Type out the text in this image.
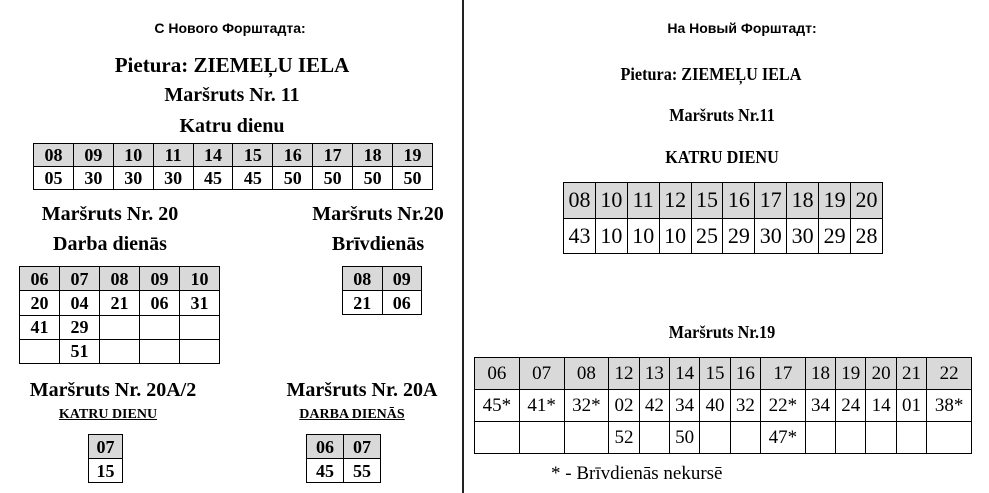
С Нового Форштадта:
Pietura: ZIEMEĻU IELA
Maršruts Nr. 11
Katru dienu
08	09	10	11	14	15	16	17	18	19
05	30	30	30	45	45	50	50	50	50
Maršruts Nr. 20
Darba dienās
06	07	08	09	10
20	04	21	06	31
41	29			
	51			
Maršruts Nr.20
Brīvdienās
08	09
21	06
Maršruts Nr. 20A/2
KATRU DIENU
07
15
Maršruts Nr. 20A
DARBA DIENĀS
06	07
45	55
На Новый Форштадт:
Pietura: ZIEMEĻU IELA
Maršruts Nr.11
KATRU DIENU
08	10	11	12	15	16	17	18	19	20
43	10	10	10	25	29	30	30	29	28
Maršruts Nr.19
06	07	08	12	13	14	15	16	17	18	19	20	21	22
45*	41*	32*	02	42	34	40	32	22*	34	24	14	01	38*
			52		50			47*					
* - Brīvdienās nekursē
